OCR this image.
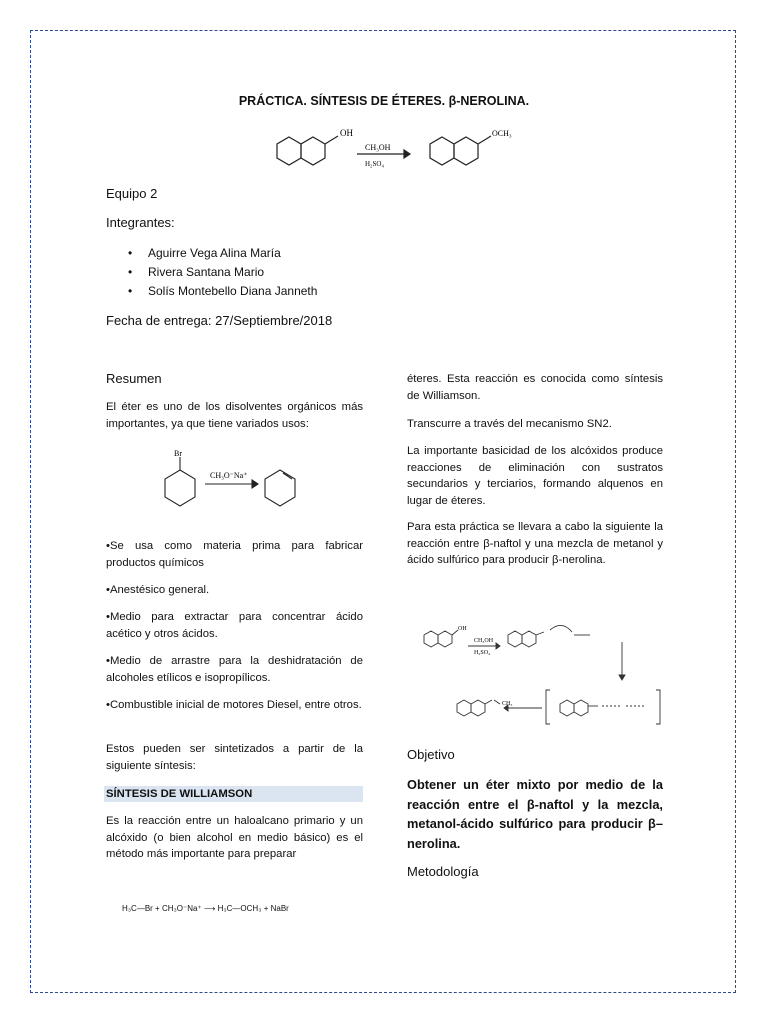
PRÁCTICA. SÍNTESIS DE ÉTERES. β-NEROLINA.
OH
CH₃OH
H₂SO₄
OCH₃
Equipo 2
Integrantes:
• Aguirre Vega Alina María
• Rivera Santana Mario
• Solís Montebello Diana Janneth
Fecha de entrega: 27/Septiembre/2018
Resumen
El éter es uno de los disolventes orgánicos más importantes, ya que tiene variados usos:
Br
CH₃O⁻Na⁺
•Se usa como materia prima para fabricar productos químicos
•Anestésico general.
•Medio para extractar para concentrar ácido acético y otros ácidos.
•Medio de arrastre para la deshidratación de alcoholes etílicos e isopropílicos.
•Combustible inicial de motores Diesel, entre otros.
Estos pueden ser sintetizados a partir de la siguiente síntesis:
SÍNTESIS DE WILLIAMSON
Es la reacción entre un haloalcano primario y un alcóxido (o bien alcohol en medio básico) es el método más importante para preparar
H₃C—Br + CH₃O⁻Na⁺ ⟶ H₃C—OCH₃ + NaBr
éteres. Esta reacción es conocida como síntesis de Williamson.
Transcurre a través del mecanismo SN2.
La importante basicidad de los alcóxidos produce reacciones de eliminación con sustratos secundarios y terciarios, formando alquenos en lugar de éteres.
Para esta práctica se llevara a cabo la siguiente la reacción entre β-naftol y una mezcla de metanol y ácido sulfúrico para producir β-nerolina.
OH
CH₃OH
H₂SO₄
CH₃
Objetivo
Obtener un éter mixto por medio de la reacción entre el β-naftol y la mezcla, metanol-ácido sulfúrico para producir β–nerolina.
Metodología
